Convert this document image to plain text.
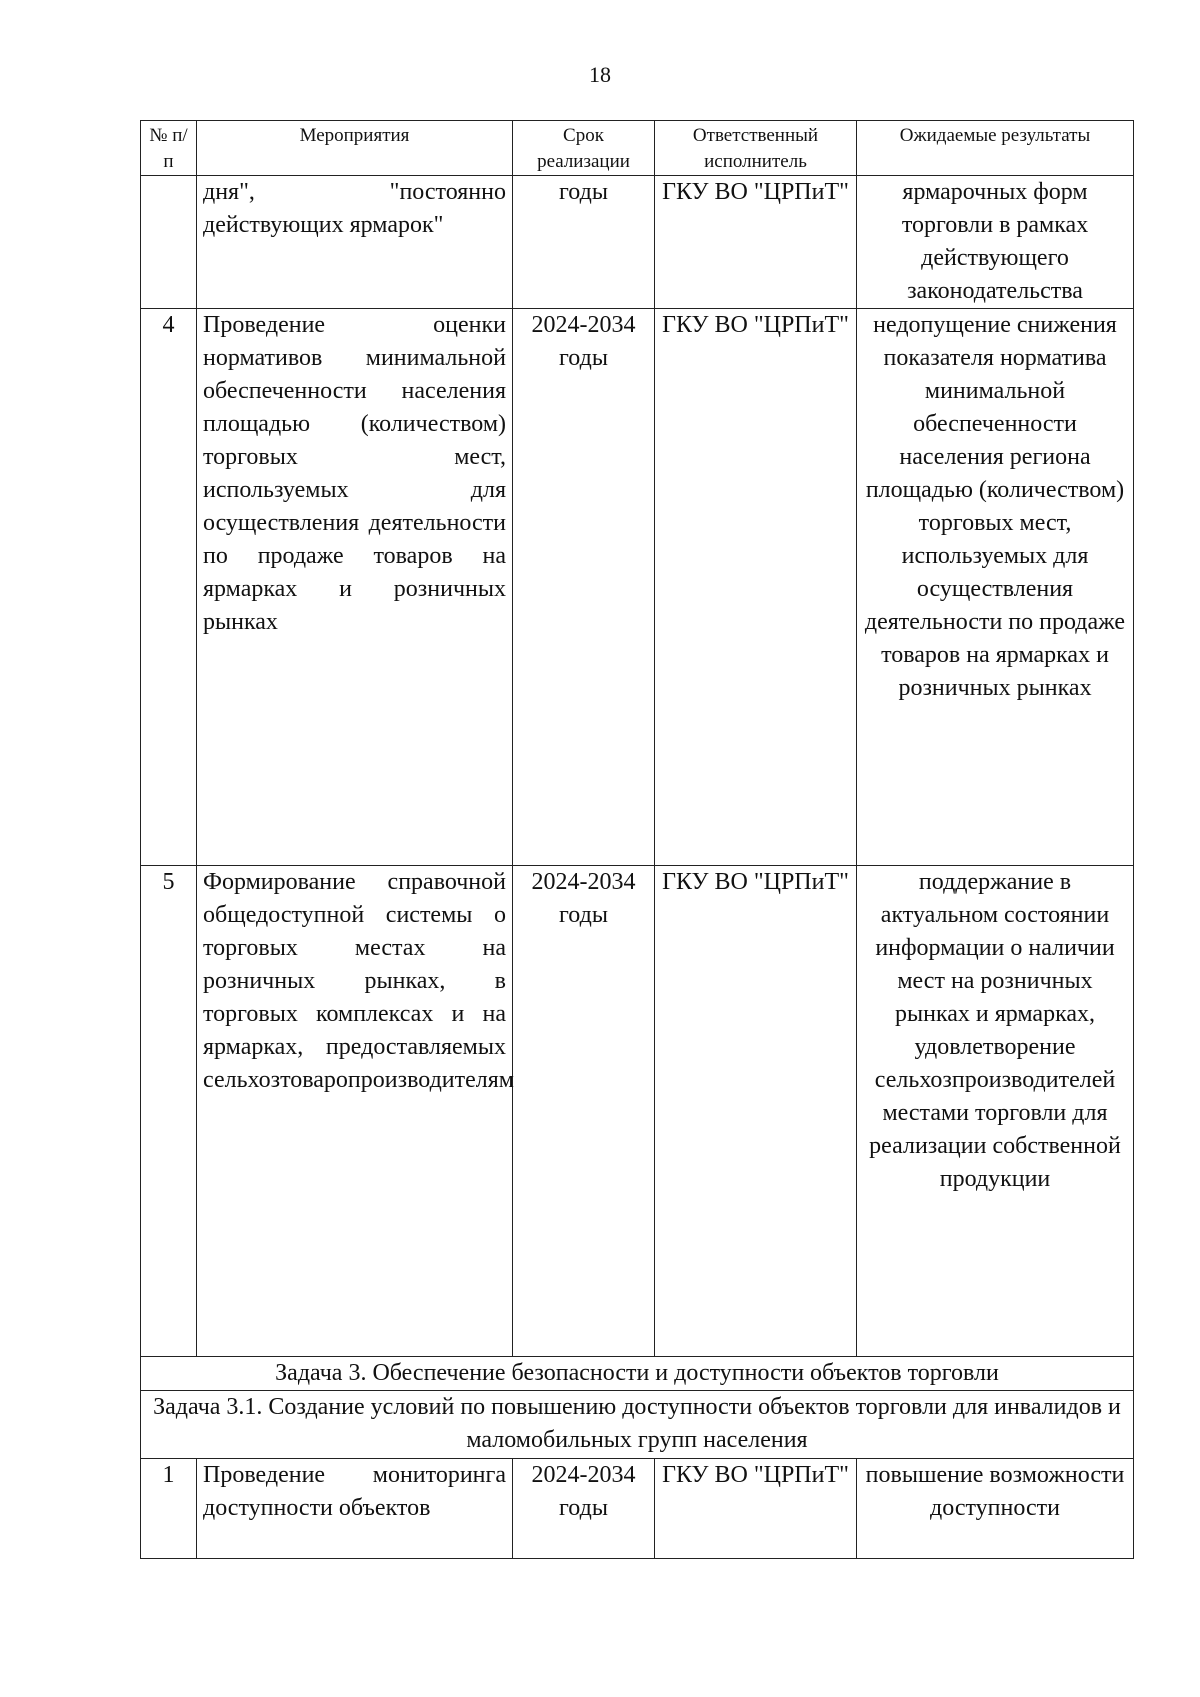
18
№ п/п	Мероприятия	Срок реализации	Ответственный исполнитель	Ожидаемые результаты
	дня", "постоянно действующих ярмарок"	годы	ГКУ ВО "ЦРПиТ"	ярмарочных форм торговли в рамках действующего законодательства
4	Проведение оценки нормативов минимальной обеспеченности населения площадью (количеством) торговых мест, используемых для осуществления деятельности по продаже товаров на ярмарках и розничных рынках	2024-2034 годы	ГКУ ВО "ЦРПиТ"	недопущение снижения показателя норматива минимальной обеспеченности населения региона площадью (количеством) торговых мест, используемых для осуществления деятельности по продаже товаров на ярмарках и розничных рынках
5	Формирование справочной общедоступной системы о торговых местах на розничных рынках, в торговых комплексах и на ярмарках, предоставляемых сельхозтоваропроизводителям	2024-2034 годы	ГКУ ВО "ЦРПиТ"	поддержание в актуальном состоянии информации о наличии мест на розничных рынках и ярмарках, удовлетворение сельхозпроизводителей местами торговли для реализации собственной продукции
Задача 3. Обеспечение безопасности и доступности объектов торговли				
Задача 3.1. Создание условий по повышению доступности объектов торговли для инвалидов и маломобильных групп населения				
1	Проведение мониторинга доступности объектов	2024-2034 годы	ГКУ ВО "ЦРПиТ"	повышение возможности доступности
